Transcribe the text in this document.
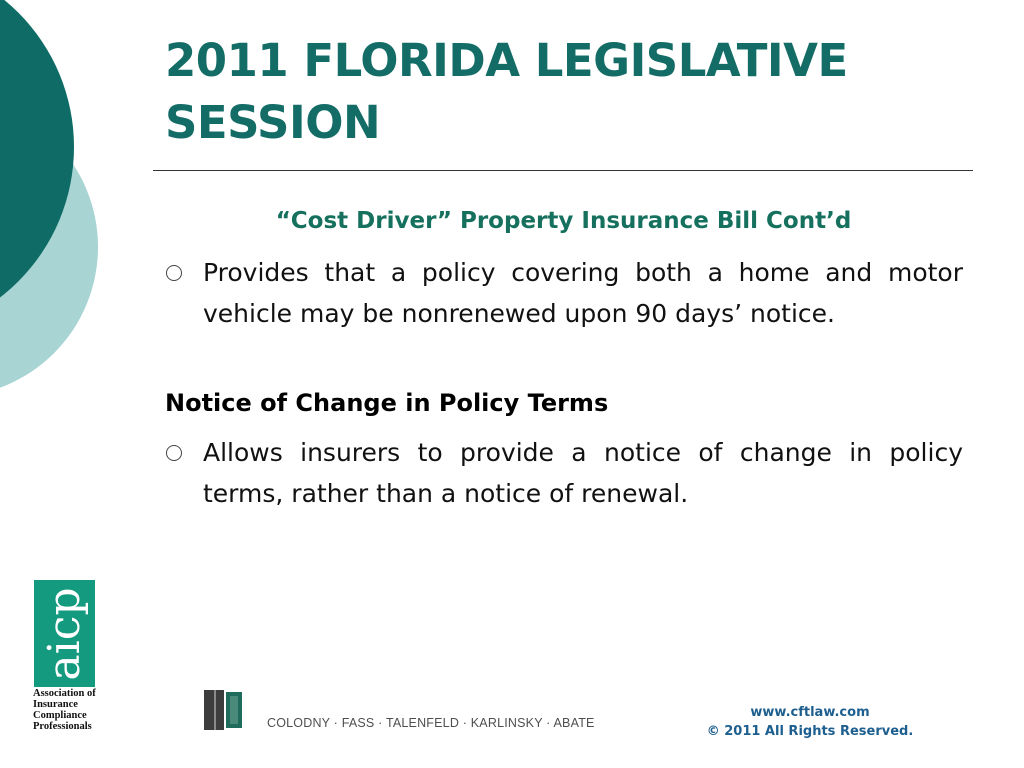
2011 FLORIDA LEGISLATIVE SESSION
“Cost Driver” Property Insurance Bill Cont’d
Provides that a policy covering both a home and motor vehicle may be nonrenewed upon 90 days’ notice.
Notice of Change in Policy Terms
Allows insurers to provide a notice of change in policy terms, rather than a notice of renewal.
aicp
Association of Insurance Compliance Professionals	COLODNY · FASS · TALENFELD · KARLINSKY · ABATE
www.cftlaw.com
© 2011 All Rights Reserved.
